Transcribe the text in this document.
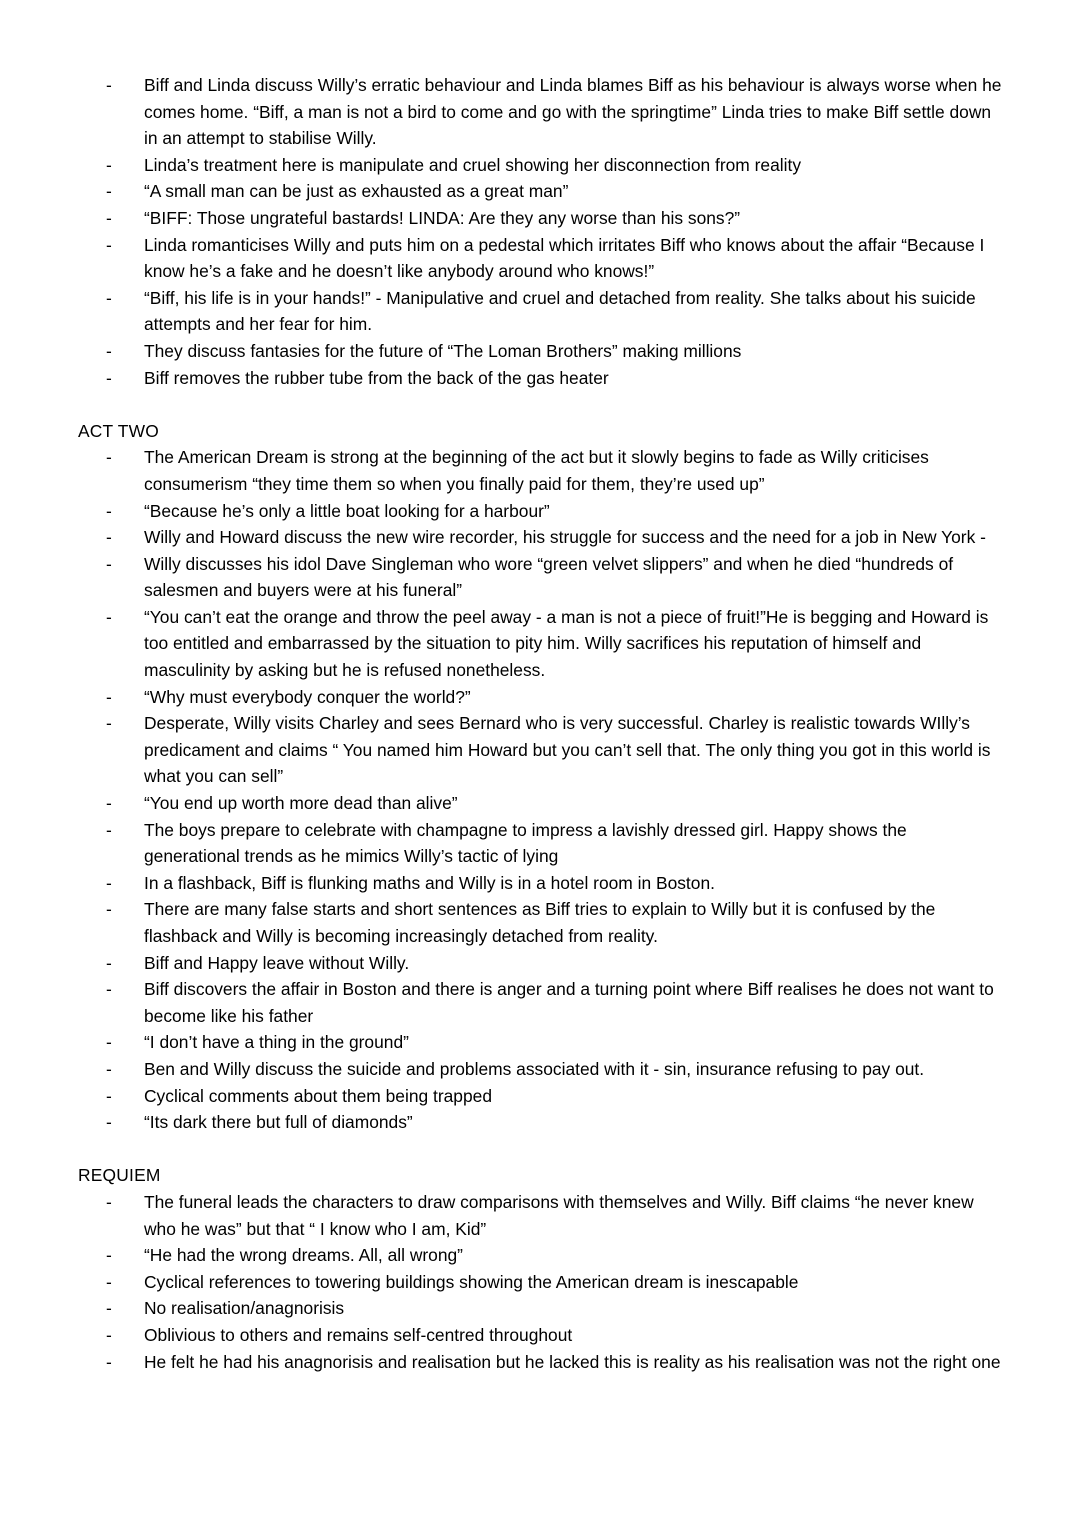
- Biff and Linda discuss Willy’s erratic behaviour and Linda blames Biff as his behaviour is always worse when he comes home. “Biff, a man is not a bird to come and go with the springtime” Linda tries to make Biff settle down in an attempt to stabilise Willy.
- Linda’s treatment here is manipulate and cruel showing her disconnection from reality
- “A small man can be just as exhausted as a great man”
- “BIFF: Those ungrateful bastards! LINDA: Are they any worse than his sons?”
- Linda romanticises Willy and puts him on a pedestal which irritates Biff who knows about the affair “Because I know he’s a fake and he doesn’t like anybody around who knows!”
- “Biff, his life is in your hands!” - Manipulative and cruel and detached from reality. She talks about his suicide attempts and her fear for him.
- They discuss fantasies for the future of “The Loman Brothers” making millions
- Biff removes the rubber tube from the back of the gas heater
ACT TWO
- The American Dream is strong at the beginning of the act but it slowly begins to fade as Willy criticises consumerism “they time them so when you finally paid for them, they’re used up”
- “Because he’s only a little boat looking for a harbour”
- Willy and Howard discuss the new wire recorder, his struggle for success and the need for a job in New York -
- Willy discusses his idol Dave Singleman who wore “green velvet slippers” and when he died “hundreds of salesmen and buyers were at his funeral”
- “You can’t eat the orange and throw the peel away - a man is not a piece of fruit!”He is begging and Howard is too entitled and embarrassed by the situation to pity him. Willy sacrifices his reputation of himself and masculinity by asking but he is refused nonetheless.
- “Why must everybody conquer the world?”
- Desperate, Willy visits Charley and sees Bernard who is very successful. Charley is realistic towards WIlly’s predicament and claims “ You named him Howard but you can’t sell that. The only thing you got in this world is what you can sell”
- “You end up worth more dead than alive”
- The boys prepare to celebrate with champagne to impress a lavishly dressed girl. Happy shows the generational trends as he mimics Willy’s tactic of lying
- In a flashback, Biff is flunking maths and Willy is in a hotel room in Boston.
- There are many false starts and short sentences as Biff tries to explain to Willy but it is confused by the flashback and Willy is becoming increasingly detached from reality.
- Biff and Happy leave without Willy.
- Biff discovers the affair in Boston and there is anger and a turning point where Biff realises he does not want to become like his father
- “I don’t have a thing in the ground”
- Ben and Willy discuss the suicide and problems associated with it - sin, insurance refusing to pay out.
- Cyclical comments about them being trapped
- “Its dark there but full of diamonds”
REQUIEM
- The funeral leads the characters to draw comparisons with themselves and Willy. Biff claims “he never knew who he was” but that “ I know who I am, Kid”
- “He had the wrong dreams. All, all wrong”
- Cyclical references to towering buildings showing the American dream is inescapable
- No realisation/anagnorisis
- Oblivious to others and remains self-centred throughout
- He felt he had his anagnorisis and realisation but he lacked this is reality as his realisation was not the right one
